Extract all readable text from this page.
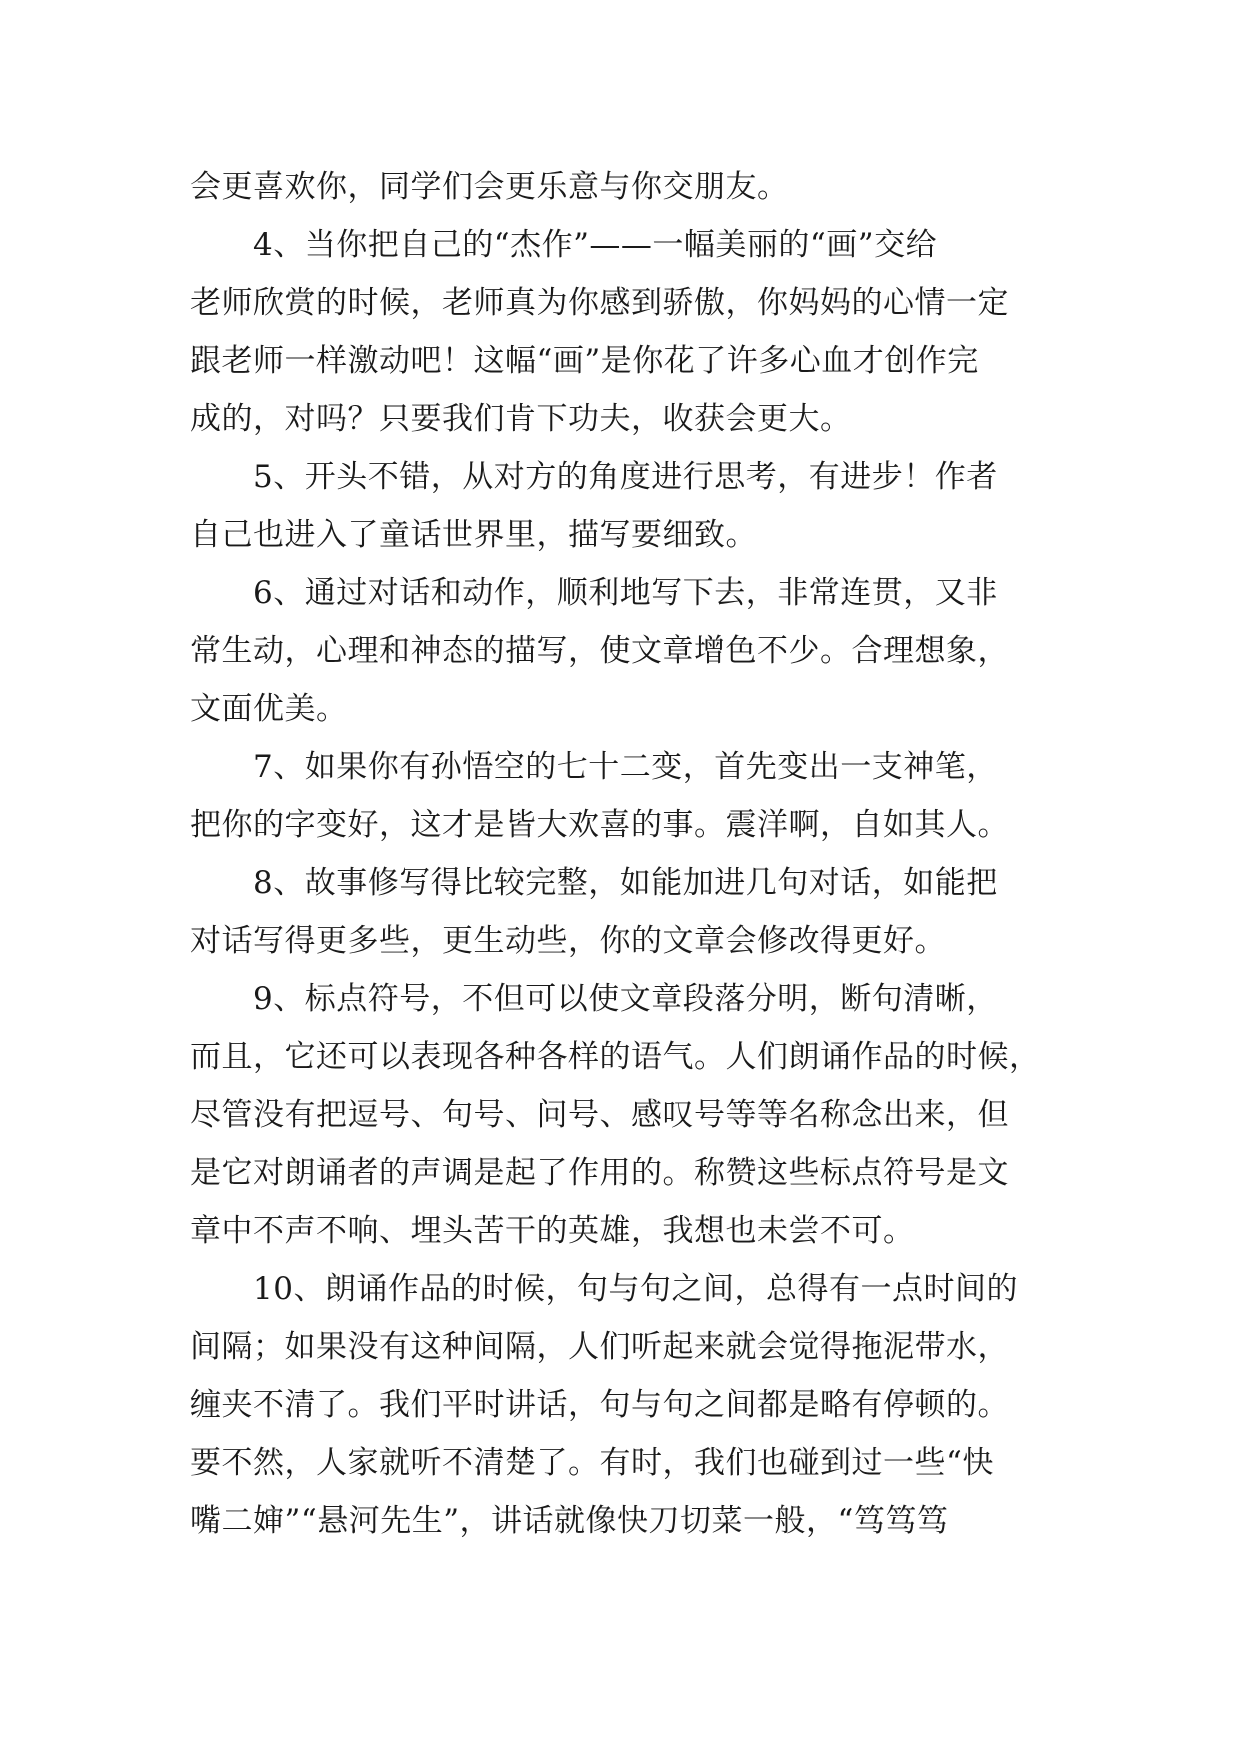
会更喜欢你，同学们会更乐意与你交朋友。
4、当你把自己的“杰作”——一幅美丽的“画”交给
老师欣赏的时候，老师真为你感到骄傲，你妈妈的心情一定
跟老师一样激动吧！这幅“画”是你花了许多心血才创作完
成的，对吗？只要我们肯下功夫，收获会更大。
5、开头不错，从对方的角度进行思考，有进步！作者
自己也进入了童话世界里，描写要细致。
6、通过对话和动作，顺利地写下去，非常连贯，又非
常生动，心理和神态的描写，使文章增色不少。合理想象，
文面优美。
7、如果你有孙悟空的七十二变，首先变出一支神笔，
把你的字变好，这才是皆大欢喜的事。震洋啊，自如其人。
8、故事修写得比较完整，如能加进几句对话，如能把
对话写得更多些，更生动些，你的文章会修改得更好。
9、标点符号，不但可以使文章段落分明，断句清晰，
而且，它还可以表现各种各样的语气。人们朗诵作品的时候，
尽管没有把逗号、句号、问号、感叹号等等名称念出来，但
是它对朗诵者的声调是起了作用的。称赞这些标点符号是文
章中不声不响、埋头苦干的英雄，我想也未尝不可。
10、朗诵作品的时候，句与句之间，总得有一点时间的
间隔；如果没有这种间隔，人们听起来就会觉得拖泥带水，
缠夹不清了。我们平时讲话，句与句之间都是略有停顿的。
要不然，人家就听不清楚了。有时，我们也碰到过一些“快
嘴二婶”“悬河先生”，讲话就像快刀切菜一般，“笃笃笃
